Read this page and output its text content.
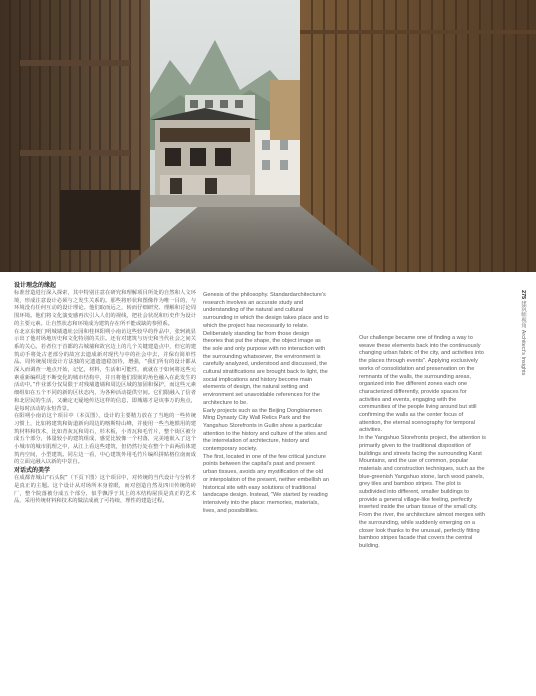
275 建筑师视角 Architect's Insights

设计理念的缘起

标准营造进行深入探索，其中特别注意在研究和理解项目所处的自然和人文环境，形成注意设计必须与之发生关系的。那些将形状和图像作为唯一目的，与环境没有任何互动的设计理论。他们取而远之，转而仔细研究、理解和讨论周围环境。他们将文化演变感再次引入人们的视线，把社会状况和历史作为设计的主要元素。让自然状态和环境成为建筑存在所不能或缺的参照系。

在北京东便门明城墙遗址公园和桂林阳朔小南访这些较早的作品中，张轲就显示出了他对场地历史和文化特别的关注。还有对建筑与历史和当代社会之间关系的关心。若者位于首都的古城墙和故宫边上的几个关键建造点中，但它的建筑动手将处古老部分的故宫去遗成新对现代与中的社会中去，并保有简单性品。周传统展现设计方法独的完遗遗遗稳加待，增强，“我们所有的设计都从深入而调查一地点开始，记忆，材料，生活和可能性，就就在于如何将这些元素重新编织进不断变化的城市结构中，并且将他们很嵌的角色融入在此发生的活动中。”作业部分仅局限于对残墙遗墙和周边区域的加固和保护，而这些元素细组如在五个不同的新的区状态内，为各种活动提供空间。它们限融入了信者和北居民的生活，又确定无疑地传达这样的信息，即城墙才是该事万的焦点，是每时活动的永恒背景。

在阳朔小南访这个项目中（本页图），设计的主要精力放在了当地的一些传统习惯上，比如将建筑和街道新向周边的喀斯特山峰，并使用一些当地惯用的建筑材料和技术，比如青灰瓦和周石，杉木板，小青瓦和毛竹片，整个街区被分成五个部分，体量较小的建筑组成，感觉比较像一个村落，完美地嵌入了这个小城市的城市肌理之中，从江上看这些建筑，但仍然行处在整个个由两沿体建筑内空间，小型建筑。同左边一看，中心建筑外用毛竹片编织拼贴格位南而成的立面完融入以新的中景自。

对话式的美学

在成都青城山“石头院”（下页下图）这个项目中，对传统的当代设计与分析才是真正的主题。这个设计从对场所本身着眼，而对创造自然及四川传统的砖厂，整个院落被分成五个部分，似乎飘浮于其上的木结构屋顶是真正的艺术品，采用传统材料和技术的做法成就了可持续，理性的建造过程。

Genesis of the philosophy. Standardarchitecture's research involves an accurate study and understanding of the natural and cultural surrounding in which the design takes place and to which the project has necessarily to relate. Deliberately standing far from those design theories that put the shape, the object image as the sole and only purpose with no interaction with the surrounding whatsoever, the environment is carefully analyzed, understood and discussed, the cultural stratifications are brought back to light, the social implications and history become main elements of design, the natural setting and environment set unavoidable references for the architecture to be.

Early projects such as the Beijing Dongbianmen Ming Dynasty City Wall Relics Park and the Yangshuo Storefronts in Guilin show a particular attention to the history and culture of the sites and the interrelation of architecture, history and contemporary society.

The first, located in one of the few critical juncture points between the capital's past and present urban tissues, avoids any mystification of the old or interpolation of the present, neither embellish an historical site with easy solutions of traditional landscape design. Instead, "We started by reading intensively into the place: memories, materials, lives, and possibilities.

Our challenge became one of finding a way to weave these elements back into the continuously changing urban fabric of the city, and activities into the places through events". Applying exclusively works of consolidation and preservation on the remnants of the walls, the surrounding areas, organized into five different zones each one characterized differently, provide spaces for activities and events, engaging with the communities of the people living around but still confirming the walls as the center focus of attention, the eternal scenography for temporal activities.

In the Yangshuo Storefronts project, the attention is primarily given to the traditional disposition of buildings and streets facing the surrounding Karst Mountains, and the use of common, popular materials and construction techniques, such as the blue-greenish Yangshuo stone, larch wood panels, grey tiles and bamboo stripes. The plot is subdivided into different, smaller buildings to provide a general village-like feeling, perfectly inserted inside the urban tissue of the small city. From the river, the architecture almost merges with the surrounding, while suddenly emerging on a closer look thanks to the unusual, perfectly fitting bamboo stripes facade that covers the central building.
